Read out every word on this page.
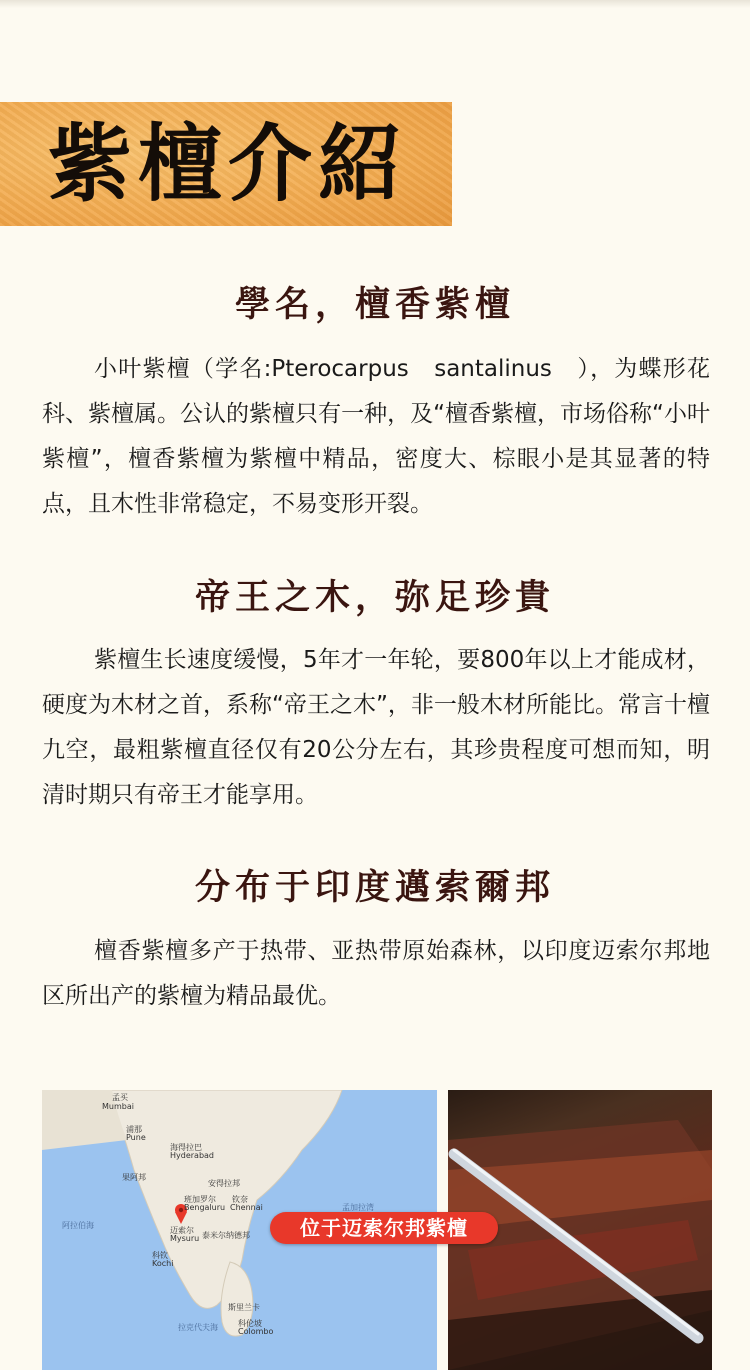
紫檀介紹
學名，檀香紫檀
小叶紫檀（学名:Pterocarpus　santalinus　），为蝶形花科、紫檀属。公认的紫檀只有一种，及“檀香紫檀，市场俗称“小叶紫檀”，檀香紫檀为紫檀中精品，密度大、棕眼小是其显著的特点，且木性非常稳定，不易变形开裂。
帝王之木，弥足珍貴
紫檀生长速度缓慢，5年才一年轮，要800年以上才能成材，硬度为木材之首，系称“帝王之木”，非一般木材所能比。常言十檀九空，最粗紫檀直径仅有20公分左右，其珍贵程度可想而知，明清时期只有帝王才能享用。
分布于印度邁索爾邦
檀香紫檀多产于热带、亚热带原始森林，以印度迈索尔邦地区所出产的紫檀为精品最优。
孟买
Mumbai
浦那
Pune
海得拉巴
Hyderabad
果阿邦
安得拉邦
班加罗尔
Bengaluru
钦奈
Chennai
迈索尔
Mysuru 泰米尔纳德邦
科钦
Kochi
孟加拉湾
阿拉伯海
斯里兰卡
科伦坡
Colombo
拉克代夫海
位于迈索尔邦紫檀
